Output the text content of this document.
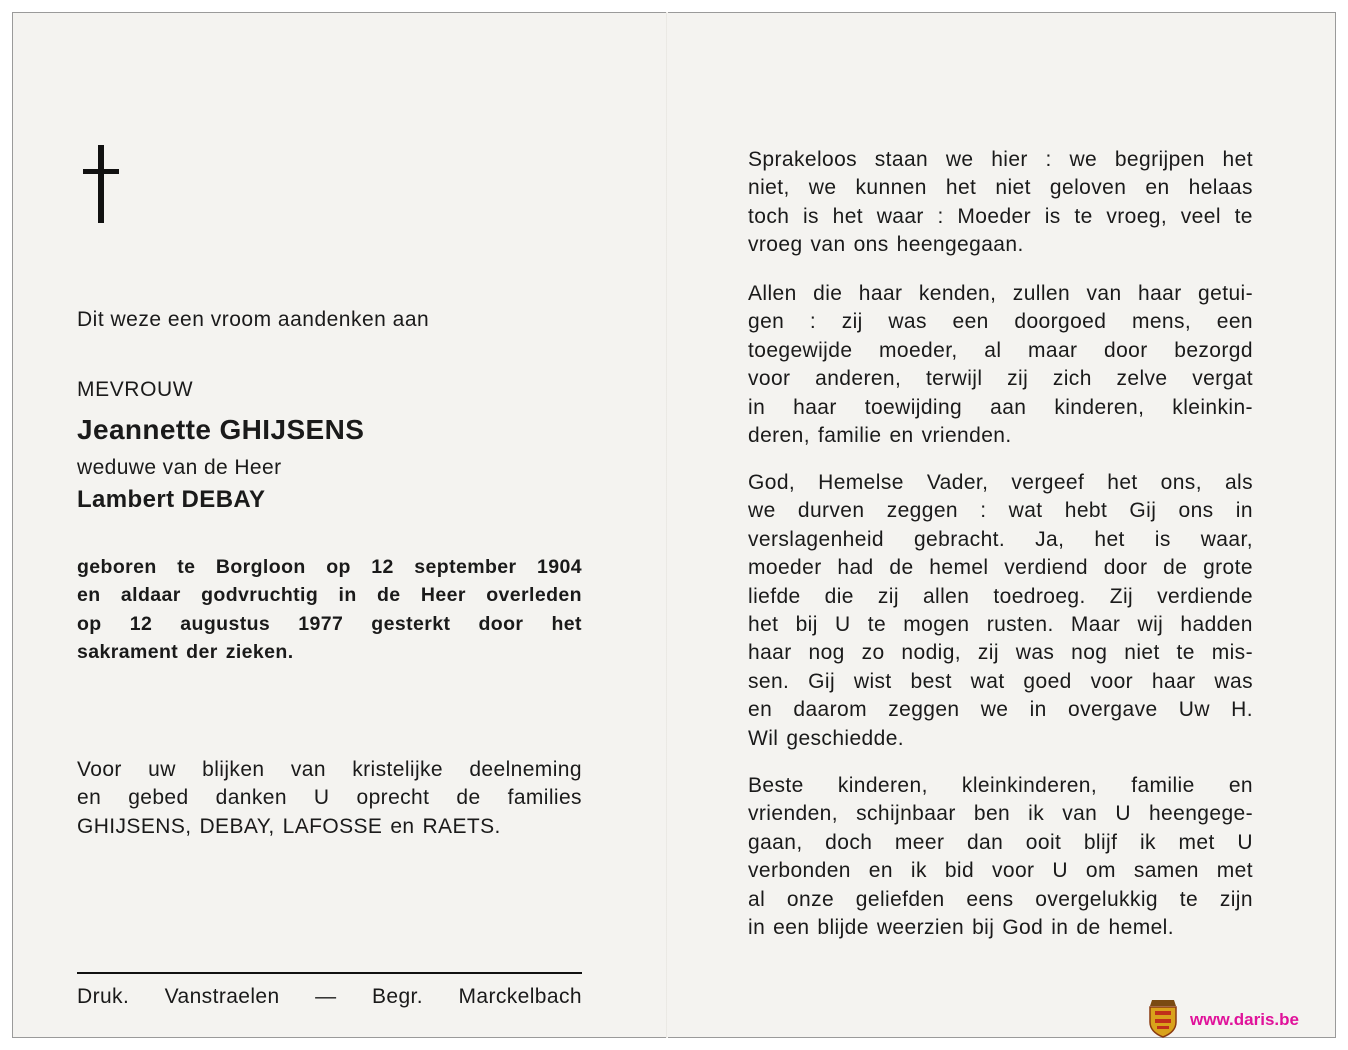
Dit weze een vroom aandenken aan
MEVROUW
Jeannette GHIJSENS
weduwe van de Heer
Lambert DEBAY
geboren te Borgloon op 12 september 1904
en aldaar godvruchtig in de Heer overleden
op 12 augustus 1977 gesterkt door het
sakrament der zieken.
Voor uw blijken van kristelijke deelneming
en gebed danken U oprecht de families
GHIJSENS, DEBAY, LAFOSSE en RAETS.
Druk. Vanstraelen — Begr. Marckelbach
Sprakeloos staan we hier : we begrijpen het
niet, we kunnen het niet geloven en helaas
toch is het waar : Moeder is te vroeg, veel te
vroeg van ons heengegaan.
Allen die haar kenden, zullen van haar getui-
gen : zij was een doorgoed mens, een
toegewijde moeder, al maar door bezorgd
voor anderen, terwijl zij zich zelve vergat
in haar toewijding aan kinderen, kleinkin-
deren, familie en vrienden.
God, Hemelse Vader, vergeef het ons, als
we durven zeggen : wat hebt Gij ons in
verslagenheid gebracht. Ja, het is waar,
moeder had de hemel verdiend door de grote
liefde die zij allen toedroeg. Zij verdiende
het bij U te mogen rusten. Maar wij hadden
haar nog zo nodig, zij was nog niet te mis-
sen. Gij wist best wat goed voor haar was
en daarom zeggen we in overgave Uw H.
Wil geschiedde.
Beste kinderen, kleinkinderen, familie en
vrienden, schijnbaar ben ik van U heengege-
gaan, doch meer dan ooit blijf ik met U
verbonden en ik bid voor U om samen met
al onze geliefden eens overgelukkig te zijn
in een blijde weerzien bij God in de hemel.
www.daris.be
